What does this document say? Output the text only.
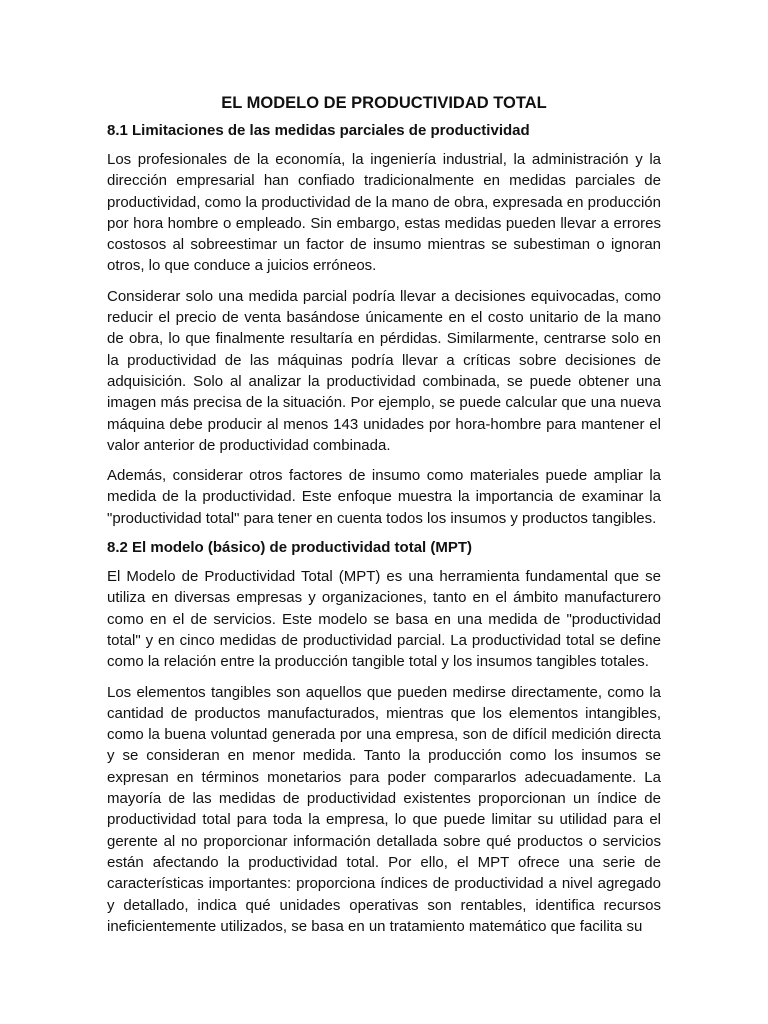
EL MODELO DE PRODUCTIVIDAD TOTAL
8.1 Limitaciones de las medidas parciales de productividad

Los profesionales de la economía, la ingeniería industrial, la administración y la dirección empresarial han confiado tradicionalmente en medidas parciales de productividad, como la productividad de la mano de obra, expresada en producción por hora hombre o empleado. Sin embargo, estas medidas pueden llevar a errores costosos al sobreestimar un factor de insumo mientras se subestiman o ignoran otros, lo que conduce a juicios erróneos.

Considerar solo una medida parcial podría llevar a decisiones equivocadas, como reducir el precio de venta basándose únicamente en el costo unitario de la mano de obra, lo que finalmente resultaría en pérdidas. Similarmente, centrarse solo en la productividad de las máquinas podría llevar a críticas sobre decisiones de adquisición. Solo al analizar la productividad combinada, se puede obtener una imagen más precisa de la situación. Por ejemplo, se puede calcular que una nueva máquina debe producir al menos 143 unidades por hora-hombre para mantener el valor anterior de productividad combinada.

Además, considerar otros factores de insumo como materiales puede ampliar la medida de la productividad. Este enfoque muestra la importancia de examinar la "productividad total" para tener en cuenta todos los insumos y productos tangibles.

8.2 El modelo (básico) de productividad total (MPT)

El Modelo de Productividad Total (MPT) es una herramienta fundamental que se utiliza en diversas empresas y organizaciones, tanto en el ámbito manufacturero como en el de servicios. Este modelo se basa en una medida de "productividad total" y en cinco medidas de productividad parcial. La productividad total se define como la relación entre la producción tangible total y los insumos tangibles totales.

Los elementos tangibles son aquellos que pueden medirse directamente, como la cantidad de productos manufacturados, mientras que los elementos intangibles, como la buena voluntad generada por una empresa, son de difícil medición directa y se consideran en menor medida. Tanto la producción como los insumos se expresan en términos monetarios para poder compararlos adecuadamente. La mayoría de las medidas de productividad existentes proporcionan un índice de productividad total para toda la empresa, lo que puede limitar su utilidad para el gerente al no proporcionar información detallada sobre qué productos o servicios están afectando la productividad total. Por ello, el MPT ofrece una serie de características importantes: proporciona índices de productividad a nivel agregado y detallado, indica qué unidades operativas son rentables, identifica recursos ineficientemente utilizados, se basa en un tratamiento matemático que facilita su
